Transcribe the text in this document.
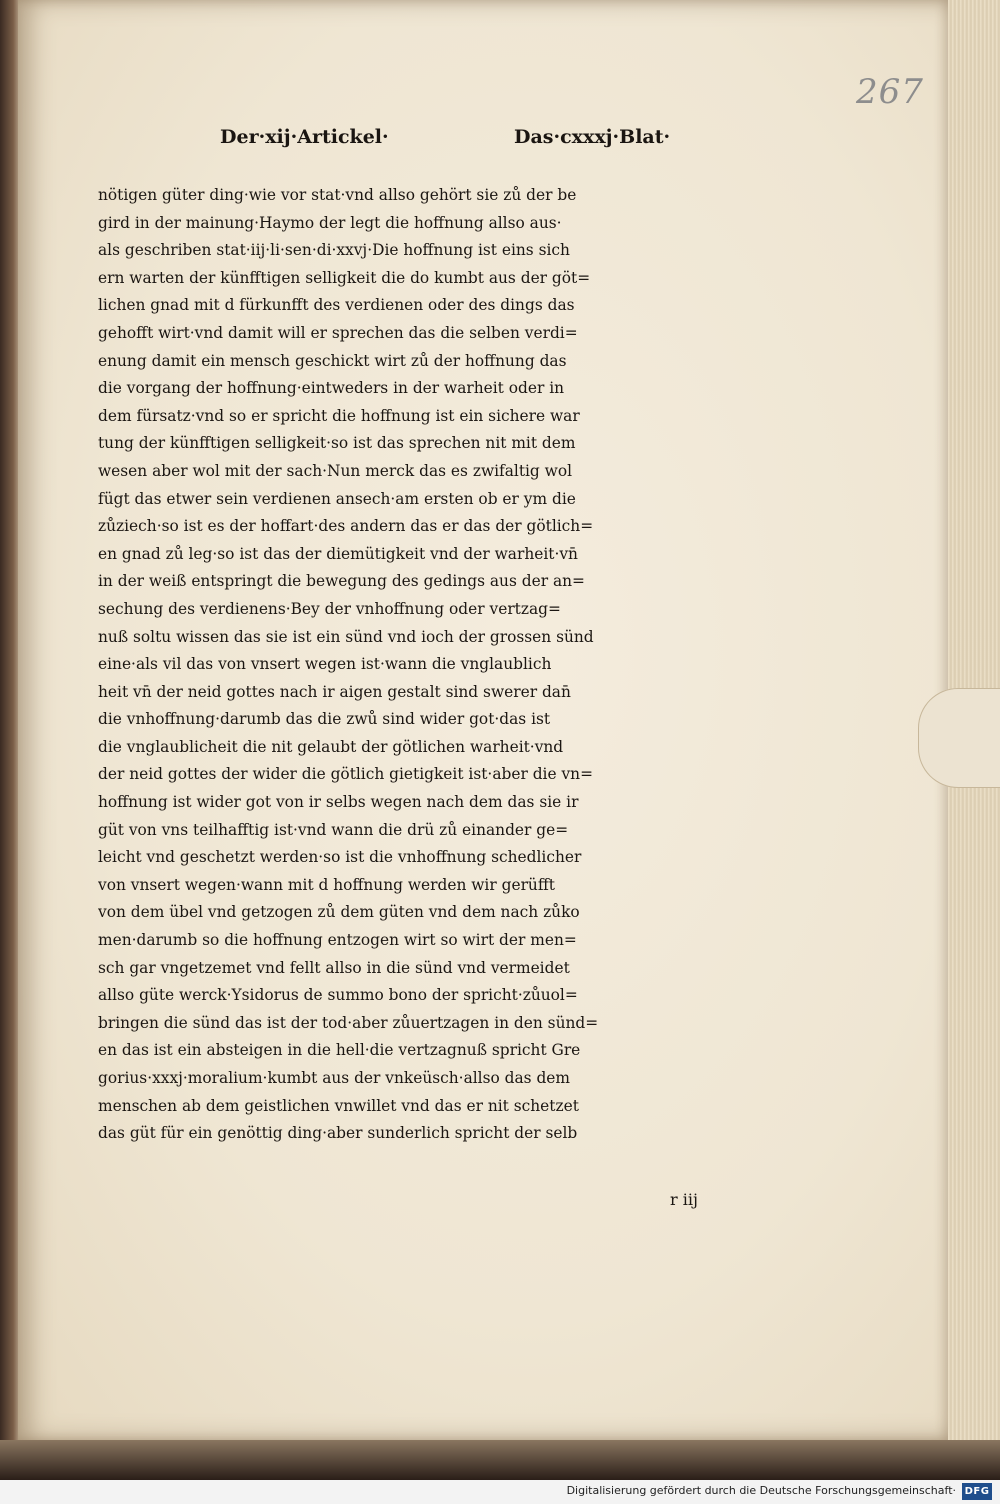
267
Der·xij·Artickel·	Das·cxxxj·Blat·
nötigen güter ding·wie vor stat·vnd allso gehört sie zů der be
gird in der mainung·Haymo der legt die hoffnung allso aus·
als geschriben stat·iij·li·sen·di·xxvj·Die hoffnung ist eins sich
ern warten der künfftigen selligkeit die do kumbt aus der göt=
lichen gnad mit d fürkunfft des verdienen oder des dings das
gehofft wirt·vnd damit will er sprechen das die selben verdi=
enung damit ein mensch geschickt wirt zů der hoffnung das
die vorgang der hoffnung·eintweders in der warheit oder in
dem fürsatz·vnd so er spricht die hoffnung ist ein sichere war
tung der künfftigen selligkeit·so ist das sprechen nit mit dem
wesen aber wol mit der sach·Nun merck das es zwifaltig wol
fügt das etwer sein verdienen ansech·am ersten ob er ym die
zůziech·so ist es der hoffart·des andern das er das der götlich=
en gnad zů leg·so ist das der diemütigkeit vnd der warheit·vn̄
in der weiß entspringt die bewegung des gedings aus der an=
sechung des verdienens·Bey der vnhoffnung oder vertzag=
nuß soltu wissen das sie ist ein sünd vnd ioch der grossen sünd
eine·als vil das von vnsert wegen ist·wann die vnglaublich
heit vn̄ der neid gottes nach ir aigen gestalt sind swerer dan̄
die vnhoffnung·darumb das die zwů sind wider got·das ist
die vnglaublicheit die nit gelaubt der götlichen warheit·vnd
der neid gottes der wider die götlich gietigkeit ist·aber die vn=
hoffnung ist wider got von ir selbs wegen nach dem das sie ir
güt von vns teilhafftig ist·vnd wann die drü zů einander ge=
leicht vnd geschetzt werden·so ist die vnhoffnung schedlicher
von vnsert wegen·wann mit d hoffnung werden wir gerüfft
von dem übel vnd getzogen zů dem güten vnd dem nach zůko
men·darumb so die hoffnung entzogen wirt so wirt der men=
sch gar vngetzemet vnd fellt allso in die sünd vnd vermeidet
allso güte werck·Ysidorus de summo bono der spricht·zůuol=
bringen die sünd das ist der tod·aber zůuertzagen in den sünd=
en das ist ein absteigen in die hell·die vertzagnuß spricht Gre
gorius·xxxj·moralium·kumbt aus der vnkeüsch·allso das dem
menschen ab dem geistlichen vnwillet vnd das er nit schetzet
das güt für ein genöttig ding·aber sunderlich spricht der selb
r iij
Digitalisierung gefördert durch die Deutsche Forschungsgemeinschaft· DFG
